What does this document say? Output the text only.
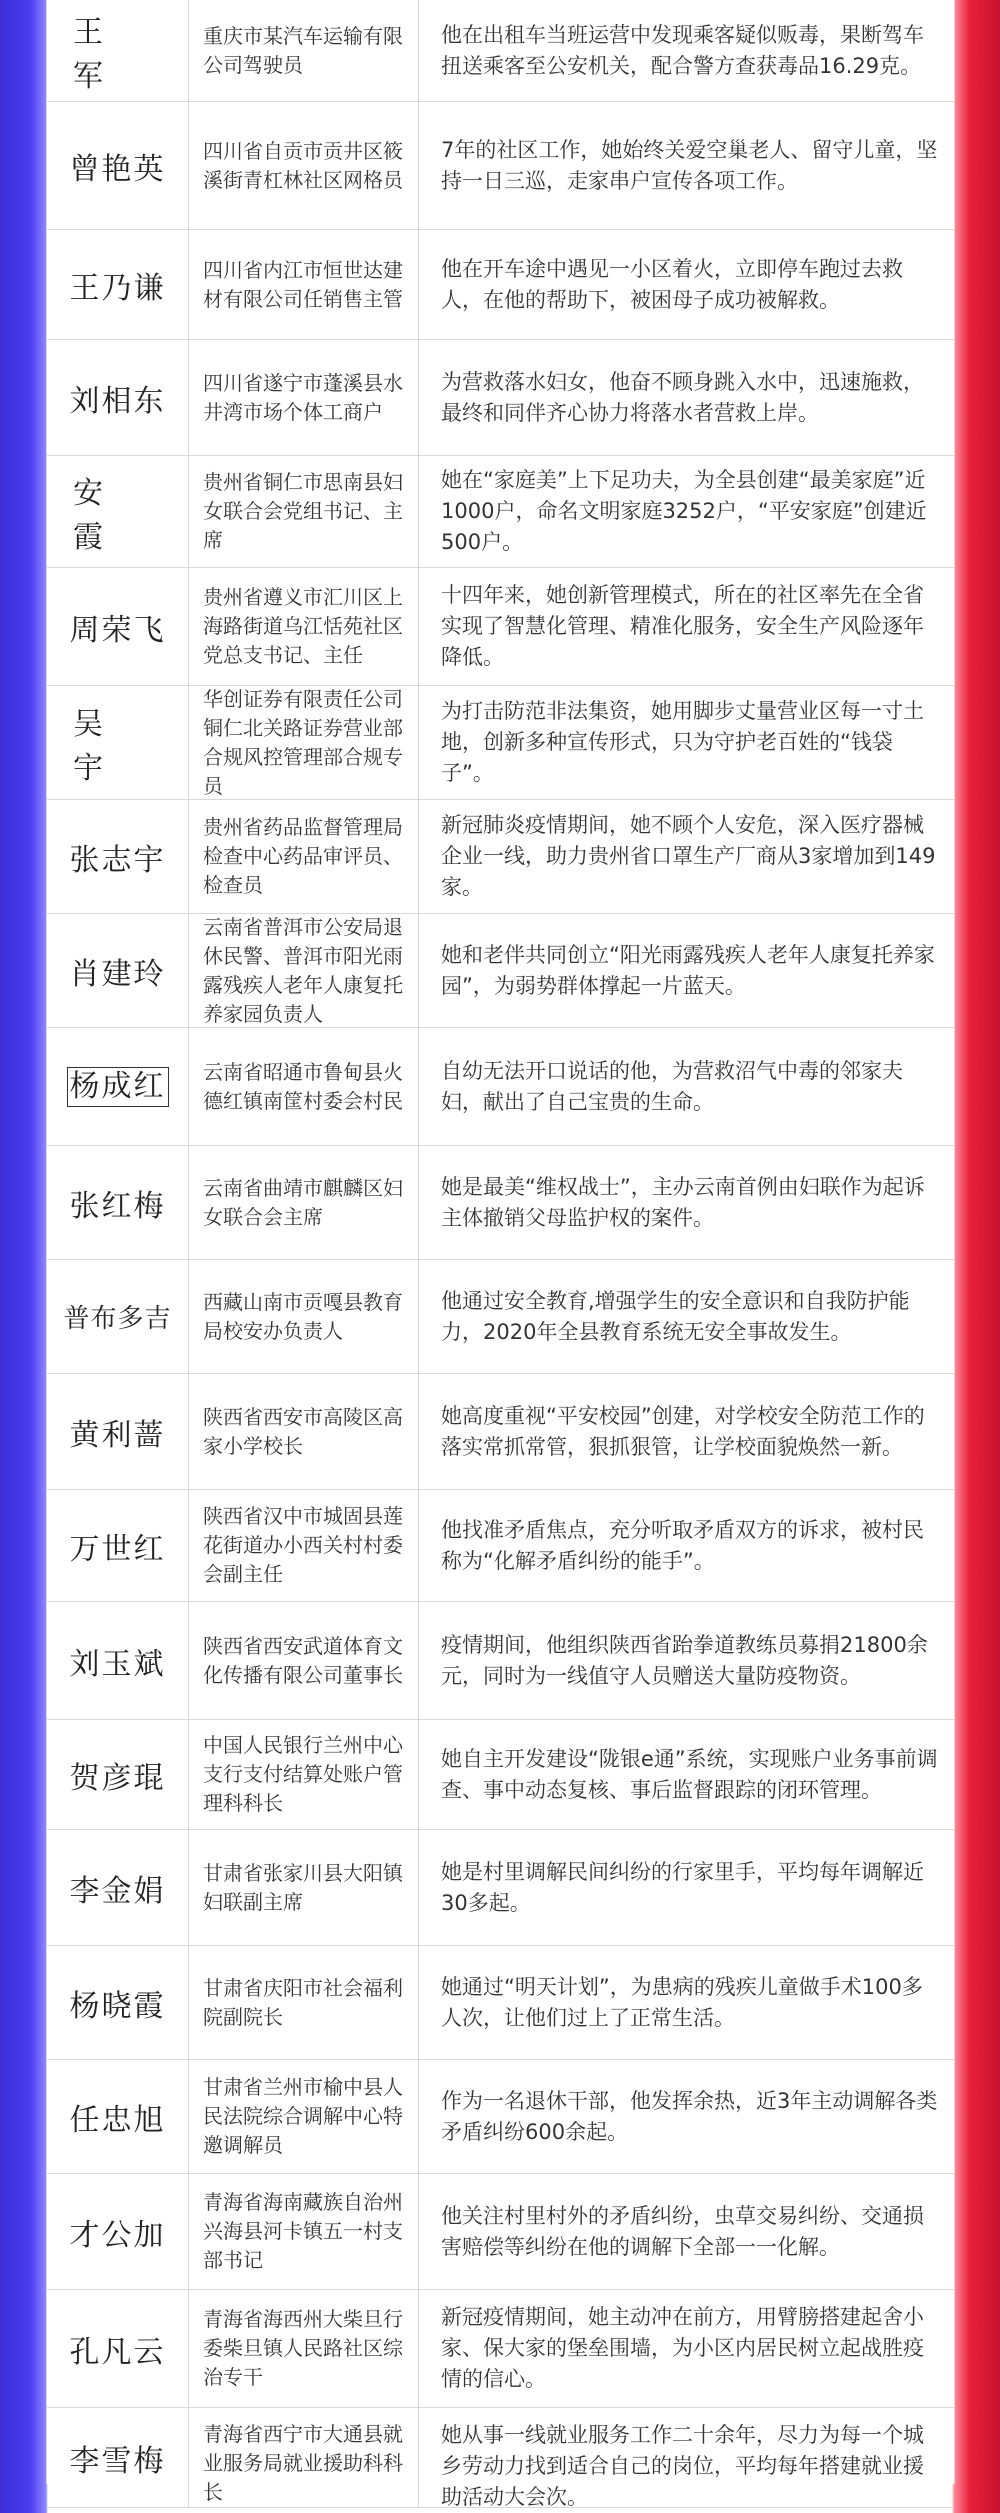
王 军
重庆市某汽车运输有限公司驾驶员
他在出租车当班运营中发现乘客疑似贩毒，果断驾车扭送乘客至公安机关，配合警方查获毒品16.29克。
曾艳英
四川省自贡市贡井区筱溪街青杠林社区网格员
7年的社区工作，她始终关爱空巢老人、留守儿童，坚持一日三巡，走家串户宣传各项工作。
王乃谦
四川省内江市恒世达建材有限公司任销售主管
他在开车途中遇见一小区着火，立即停车跑过去救人，在他的帮助下，被困母子成功被解救。
刘相东
四川省遂宁市蓬溪县水井湾市场个体工商户
为营救落水妇女，他奋不顾身跳入水中，迅速施救，最终和同伴齐心协力将落水者营救上岸。
安 霞
贵州省铜仁市思南县妇女联合会党组书记、主席
她在“家庭美”上下足功夫，为全县创建“最美家庭”近1000户，命名文明家庭3252户，“平安家庭”创建近500户。
周荣飞
贵州省遵义市汇川区上海路街道乌江恬苑社区党总支书记、主任
十四年来，她创新管理模式，所在的社区率先在全省实现了智慧化管理、精准化服务，安全生产风险逐年降低。
吴 宇
华创证券有限责任公司铜仁北关路证券营业部合规风控管理部合规专员
为打击防范非法集资，她用脚步丈量营业区每一寸土地，创新多种宣传形式，只为守护老百姓的“钱袋子”。
张志宇
贵州省药品监督管理局检查中心药品审评员、检查员
新冠肺炎疫情期间，她不顾个人安危，深入医疗器械企业一线，助力贵州省口罩生产厂商从3家增加到149家。
肖建玲
云南省普洱市公安局退休民警、普洱市阳光雨露残疾人老年人康复托养家园负责人
她和老伴共同创立“阳光雨露残疾人老年人康复托养家园”，为弱势群体撑起一片蓝天。
杨成红 云南省昭通市鲁甸县火德红镇南筐村委会村民
自幼无法开口说话的他，为营救沼气中毒的邻家夫妇，献出了自己宝贵的生命。
张红梅
云南省曲靖市麒麟区妇女联合会主席
她是最美“维权战士”，主办云南首例由妇联作为起诉主体撤销父母监护权的案件。
普布多吉
西藏山南市贡嘎县教育局校安办负责人
他通过安全教育,增强学生的安全意识和自我防护能力，2020年全县教育系统无安全事故发生。
黄利蔷
陕西省西安市高陵区高家小学校长
她高度重视“平安校园”创建，对学校安全防范工作的落实常抓常管，狠抓狠管，让学校面貌焕然一新。
万世红
陕西省汉中市城固县莲花街道办小西关村村委会副主任
他找准矛盾焦点，充分听取矛盾双方的诉求，被村民称为“化解矛盾纠纷的能手”。
刘玉斌
陕西省西安武道体育文化传播有限公司董事长
疫情期间，他组织陕西省跆拳道教练员募捐21800余元，同时为一线值守人员赠送大量防疫物资。
贺彦琨
中国人民银行兰州中心支行支付结算处账户管理科科长
她自主开发建设“陇银e通”系统，实现账户业务事前调查、事中动态复核、事后监督跟踪的闭环管理。
李金娟
甘肃省张家川县大阳镇妇联副主席
她是村里调解民间纠纷的行家里手，平均每年调解近30多起。
杨晓霞
甘肃省庆阳市社会福利院副院长
她通过“明天计划”，为患病的残疾儿童做手术100多人次，让他们过上了正常生活。
任忠旭
甘肃省兰州市榆中县人民法院综合调解中心特邀调解员
作为一名退休干部，他发挥余热，近3年主动调解各类矛盾纠纷600余起。
才公加
青海省海南藏族自治州兴海县河卡镇五一村支部书记
他关注村里村外的矛盾纠纷，虫草交易纠纷、交通损害赔偿等纠纷在他的调解下全部一一化解。
孔凡云
青海省海西州大柴旦行委柴旦镇人民路社区综治专干
新冠疫情期间，她主动冲在前方，用臂膀搭建起舍小家、保大家的堡垒围墙，为小区内居民树立起战胜疫情的信心。
李雪梅
青海省西宁市大通县就业服务局就业援助科科长
她从事一线就业服务工作二十余年，尽力为每一个城乡劳动力找到适合自己的岗位，平均每年搭建就业援助活动大会次。
